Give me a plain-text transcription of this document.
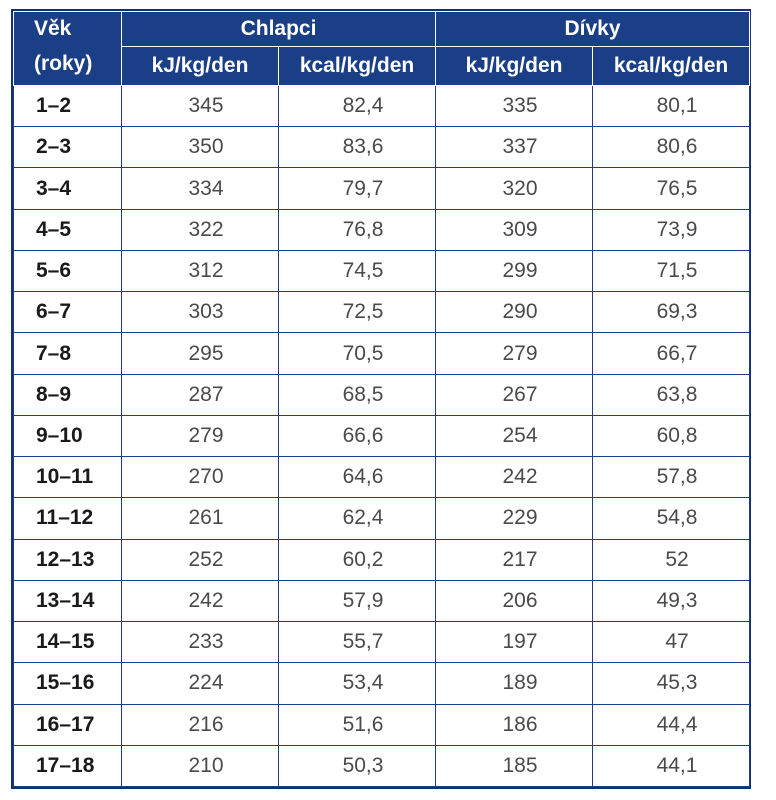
Věk
(roky)	Chlapci		Dívky	
	kJ/kg/den	kcal/kg/den	kJ/kg/den	kcal/kg/den
1–2	345	82,4	335	80,1
2–3	350	83,6	337	80,6
3–4	334	79,7	320	76,5
4–5	322	76,8	309	73,9
5–6	312	74,5	299	71,5
6–7	303	72,5	290	69,3
7–8	295	70,5	279	66,7
8–9	287	68,5	267	63,8
9–10	279	66,6	254	60,8
10–11	270	64,6	242	57,8
11–12	261	62,4	229	54,8
12–13	252	60,2	217	52
13–14	242	57,9	206	49,3
14–15	233	55,7	197	47
15–16	224	53,4	189	45,3
16–17	216	51,6	186	44,4
17–18	210	50,3	185	44,1
